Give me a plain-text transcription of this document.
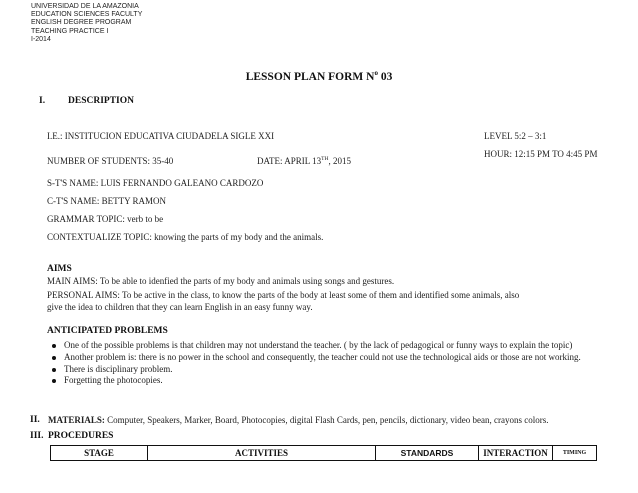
UNIVERSIDAD DE LA AMAZONIA
EDUCATION SCIENCES FACULTY
ENGLISH DEGREE PROGRAM
TEACHING PRACTICE I
I-2014
LESSON PLAN FORM $N^o$ 03
I. DESCRIPTION
I.E.: INSTITUCION EDUCATIVA CIUDADELA SIGLE XXI	LEVEL 5:2 – 3:1
HOUR: 12:15 PM TO 4:45 PM
NUMBER OF STUDENTS: 35-40	DATE: APRIL 13TH, 2015
S-T'S NAME: LUIS FERNANDO GALEANO CARDOZO
C-T'S NAME: BETTY RAMON
GRAMMAR TOPIC: verb to be
CONTEXTUALIZE TOPIC: knowing the parts of my body and the animals.
AIMS
MAIN AIMS: To be able to idenfied the parts of my body and animals using songs and gestures.
PERSONAL AIMS: To be active in the class, to know the parts of the body at least some of them and identified some animals, also
give the idea to children that they can learn English in an easy funny way.
ANTICIPATED PROBLEMS
One of the possible problems is that children may not understand the teacher. ( by the lack of pedagogical or funny ways to explain the topic)
Another problem is: there is no power in the school and consequently, the teacher could not use the technological aids or those are not working.
There is disciplinary problem.
Forgetting the photocopies.
II. MATERIALS: Computer, Speakers, Marker, Board, Photocopies, digital Flash Cards, pen, pencils, dictionary, video bean, crayons colors.
III. PROCEDURES
STAGE	ACTIVITIES	STANDARDS	INTERACTION	TIMING
